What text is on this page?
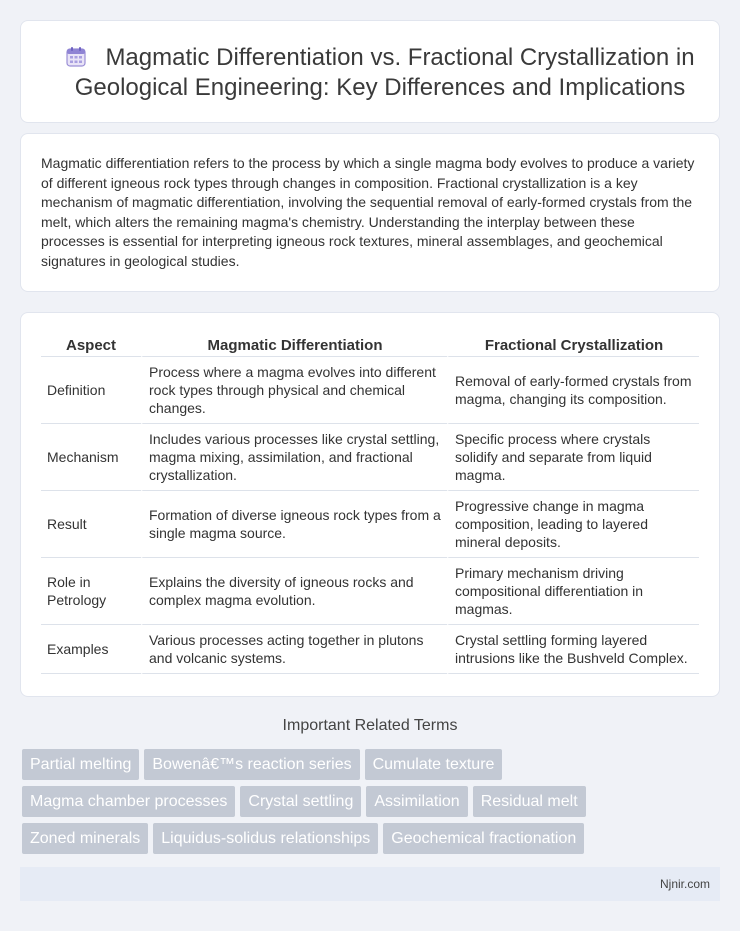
Magmatic Differentiation vs. Fractional Crystallization in Geological Engineering: Key Differences and Implications

Magmatic differentiation refers to the process by which a single magma body evolves to produce a variety of different igneous rock types through changes in composition. Fractional crystallization is a key mechanism of magmatic differentiation, involving the sequential removal of early-formed crystals from the melt, which alters the remaining magma's chemistry. Understanding the interplay between these processes is essential for interpreting igneous rock textures, mineral assemblages, and geochemical signatures in geological studies.

Aspect	Magmatic Differentiation	Fractional Crystallization
Definition	Process where a magma evolves into different rock types through physical and chemical changes.	Removal of early-formed crystals from magma, changing its composition.
Mechanism	Includes various processes like crystal settling, magma mixing, assimilation, and fractional crystallization.	Specific process where crystals solidify and separate from liquid magma.
Result	Formation of diverse igneous rock types from a single magma source.	Progressive change in magma composition, leading to layered mineral deposits.
Role in Petrology	Explains the diversity of igneous rocks and complex magma evolution.	Primary mechanism driving compositional differentiation in magmas.
Examples	Various processes acting together in plutons and volcanic systems.	Crystal settling forming layered intrusions like the Bushveld Complex.
Important Related Terms
Partial melting Bowenâ€™s reaction series Cumulate texture
Magma chamber processes Crystal settling Assimilation Residual melt
Zoned minerals Liquidus-solidus relationships Geochemical fractionation
Njnir.com
